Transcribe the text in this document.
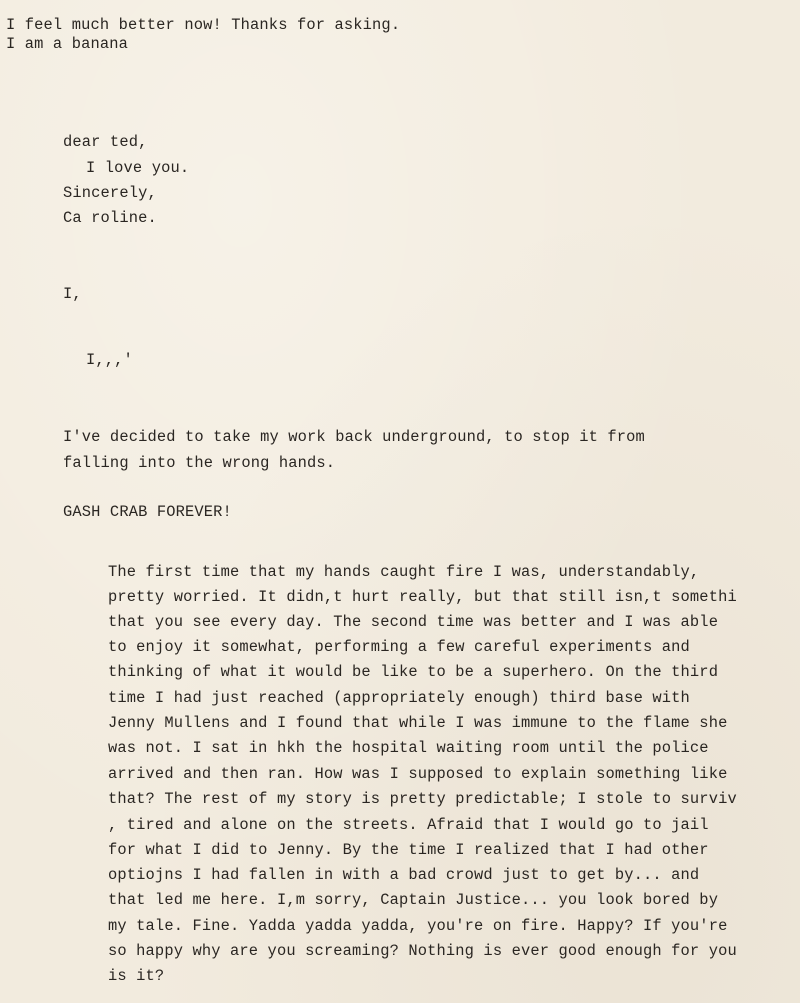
I feel much better now! Thanks for asking.
I am a banana
dear ted,
I love you.
Sincerely,
Ca roline.
I,
I,,,'
I've decided to take my work back underground, to stop it from
falling into the wrong hands.
GASH CRAB FOREVER!
The first time that my hands caught fire I was, understandably,
pretty worried. It didn,t hurt really, but that still isn,t somethi
that you see every day. The second time was better and I was able
to enjoy it somewhat, performing a few careful experiments and
thinking of what it would be like to be a superhero. On the third
time I had just reached (appropriately enough) third base with
Jenny Mullens and I found that while I was immune to the flame she
was not. I sat in hkh the hospital waiting room until the police
arrived and then ran. How was I supposed to explain something like
that? The rest of my story is pretty predictable; I stole to surviv
, tired and alone on the streets. Afraid that I would go to jail
for what I did to Jenny. By the time I realized that I had other
optiojns I had fallen in with a bad crowd just to get by... and
that led me here. I,m sorry, Captain Justice... you look bored by
my tale. Fine. Yadda yadda yadda, you're on fire. Happy? If you're
so happy why are you screaming? Nothing is ever good enough for you
is it?
